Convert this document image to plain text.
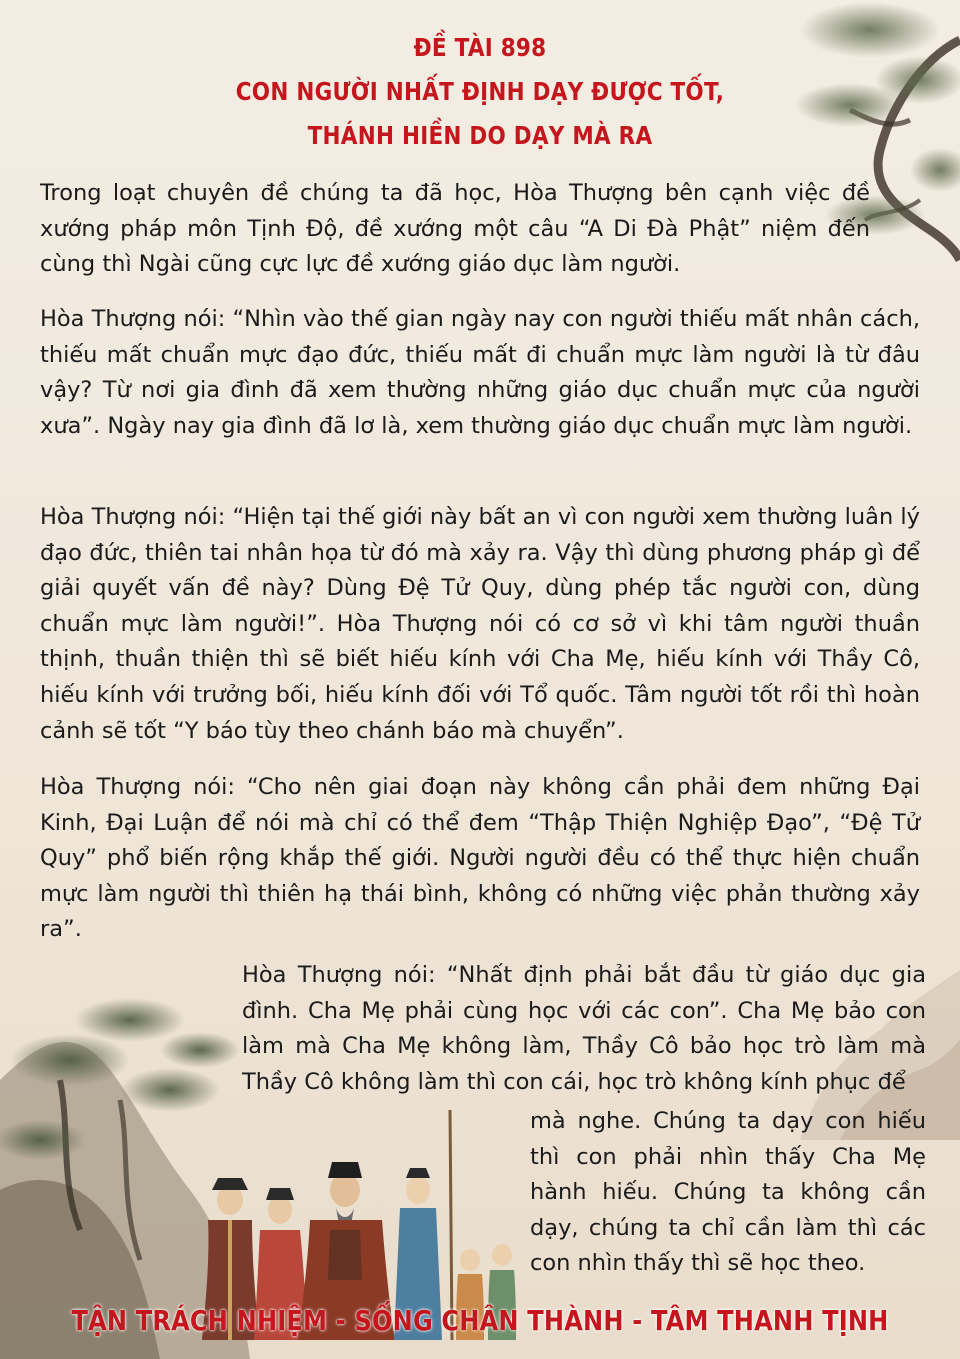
ĐỀ TÀI 898
CON NGƯỜI NHẤT ĐỊNH DẠY ĐƯỢC TỐT,
THÁNH HIỀN DO DẠY MÀ RA

Trong loạt chuyên đề chúng ta đã học, Hòa Thượng bên cạnh việc đề xướng pháp môn Tịnh Độ, đề xướng một câu “A Di Đà Phật” niệm đến cùng thì Ngài cũng cực lực đề xướng giáo dục làm người.

Hòa Thượng nói: “Nhìn vào thế gian ngày nay con người thiếu mất nhân cách, thiếu mất chuẩn mực đạo đức, thiếu mất đi chuẩn mực làm người là từ đâu vậy? Từ nơi gia đình đã xem thường những giáo dục chuẩn mực của người xưa”. Ngày nay gia đình đã lơ là, xem thường giáo dục chuẩn mực làm người.

Hòa Thượng nói: “Hiện tại thế giới này bất an vì con người xem thường luân lý đạo đức, thiên tai nhân họa từ đó mà xảy ra. Vậy thì dùng phương pháp gì để giải quyết vấn đề này? Dùng Đệ Tử Quy, dùng phép tắc người con, dùng chuẩn mực làm người!”. Hòa Thượng nói có cơ sở vì khi tâm người thuần thịnh, thuần thiện thì sẽ biết hiếu kính với Cha Mẹ, hiếu kính với Thầy Cô, hiếu kính với trưởng bối, hiếu kính đối với Tổ quốc. Tâm người tốt rồi thì hoàn cảnh sẽ tốt “Y báo tùy theo chánh báo mà chuyển”.

Hòa Thượng nói: “Cho nên giai đoạn này không cần phải đem những Đại Kinh, Đại Luận để nói mà chỉ có thể đem “Thập Thiện Nghiệp Đạo”, “Đệ Tử Quy” phổ biến rộng khắp thế giới. Người người đều có thể thực hiện chuẩn mực làm người thì thiên hạ thái bình, không có những việc phản thường xảy ra”.

Hòa Thượng nói: “Nhất định phải bắt đầu từ giáo dục gia đình. Cha Mẹ phải cùng học với các con”. Cha Mẹ bảo con làm mà Cha Mẹ không làm, Thầy Cô bảo học trò làm mà Thầy Cô không làm thì con cái, học trò không kính phục để

mà nghe. Chúng ta dạy con hiếu thì con phải nhìn thấy Cha Mẹ hành hiếu. Chúng ta không cần dạy, chúng ta chỉ cần làm thì các con nhìn thấy thì sẽ học theo.

TẬN TRÁCH NHIỆM - SỐNG CHÂN THÀNH - TÂM THANH TỊNH
